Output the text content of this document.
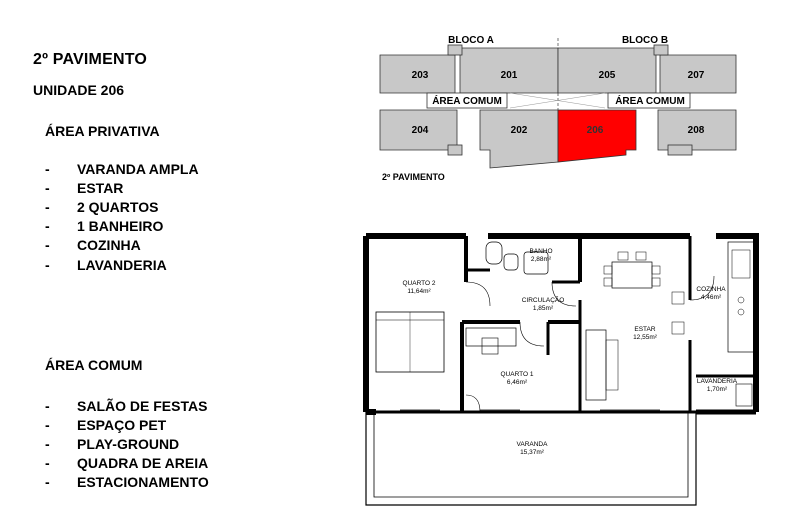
2º PAVIMENTO
UNIDADE 206
ÁREA PRIVATIVA
- VARANDA AMPLA
- ESTAR
- 2 QUARTOS
- 1 BANHEIRO
- COZINHA
- LAVANDERIA
ÁREA COMUM
- SALÃO DE FESTAS
- ESPAÇO PET
- PLAY-GROUND
- QUADRA DE AREIA
- ESTACIONAMENTO
BLOCO A	BLOCO B
203	201	205	207
ÁREA COMUM	ÁREA COMUM
204	202	206	208
2º PAVIMENTO
BANHO
2,88m²
QUARTO 2
11,64m²
CIRCULAÇÃO
1,85m²
ESTAR
12,55m²
COZINHA
4,46m²
QUARTO 1
6,46m²	LAVANDERIA
1,70m²
VARANDA
15,37m²
